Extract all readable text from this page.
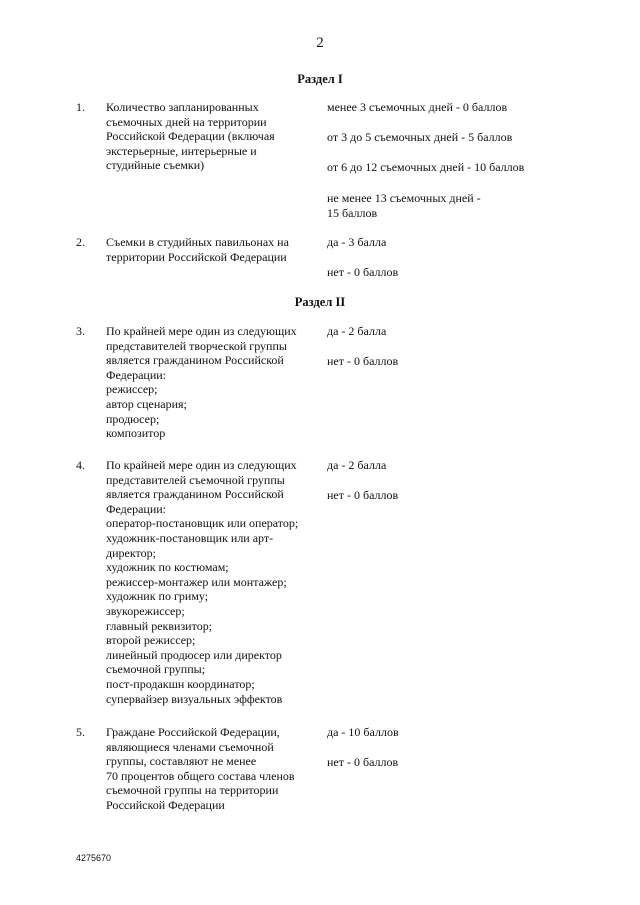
2
Раздел I
1. Количество запланированных
съемочных дней на территории
Российской Федерации (включая
экстерьерные, интерьерные и
студийные съемки)
менее 3 съемочных дней - 0 баллов
от 3 до 5 съемочных дней - 5 баллов
от 6 до 12 съемочных дней - 10 баллов
не менее 13 съемочных дней -
15 баллов
2. Съемки в студийных павильонах на
территории Российской Федерации
да - 3 балла
нет - 0 баллов
Раздел II
3. По крайней мере один из следующих
представителей творческой группы
является гражданином Российской
Федерации:
режиссер;
автор сценария;
продюсер;
композитор
да - 2 балла
нет - 0 баллов
4. По крайней мере один из следующих
представителей съемочной группы
является гражданином Российской
Федерации:
оператор-постановщик или оператор;
художник-постановщик или арт-
директор;
художник по костюмам;
режиссер-монтажер или монтажер;
художник по гриму;
звукорежиссер;
главный реквизитор;
второй режиссер;
линейный продюсер или директор
съемочной группы;
пост-продакшн координатор;
супервайзер визуальных эффектов
да - 2 балла
нет - 0 баллов
5. Граждане Российской Федерации,
являющиеся членами съемочной
группы, составляют не менее
70 процентов общего состава членов
съемочной группы на территории
Российской Федерации
да - 10 баллов
нет - 0 баллов
4275670
